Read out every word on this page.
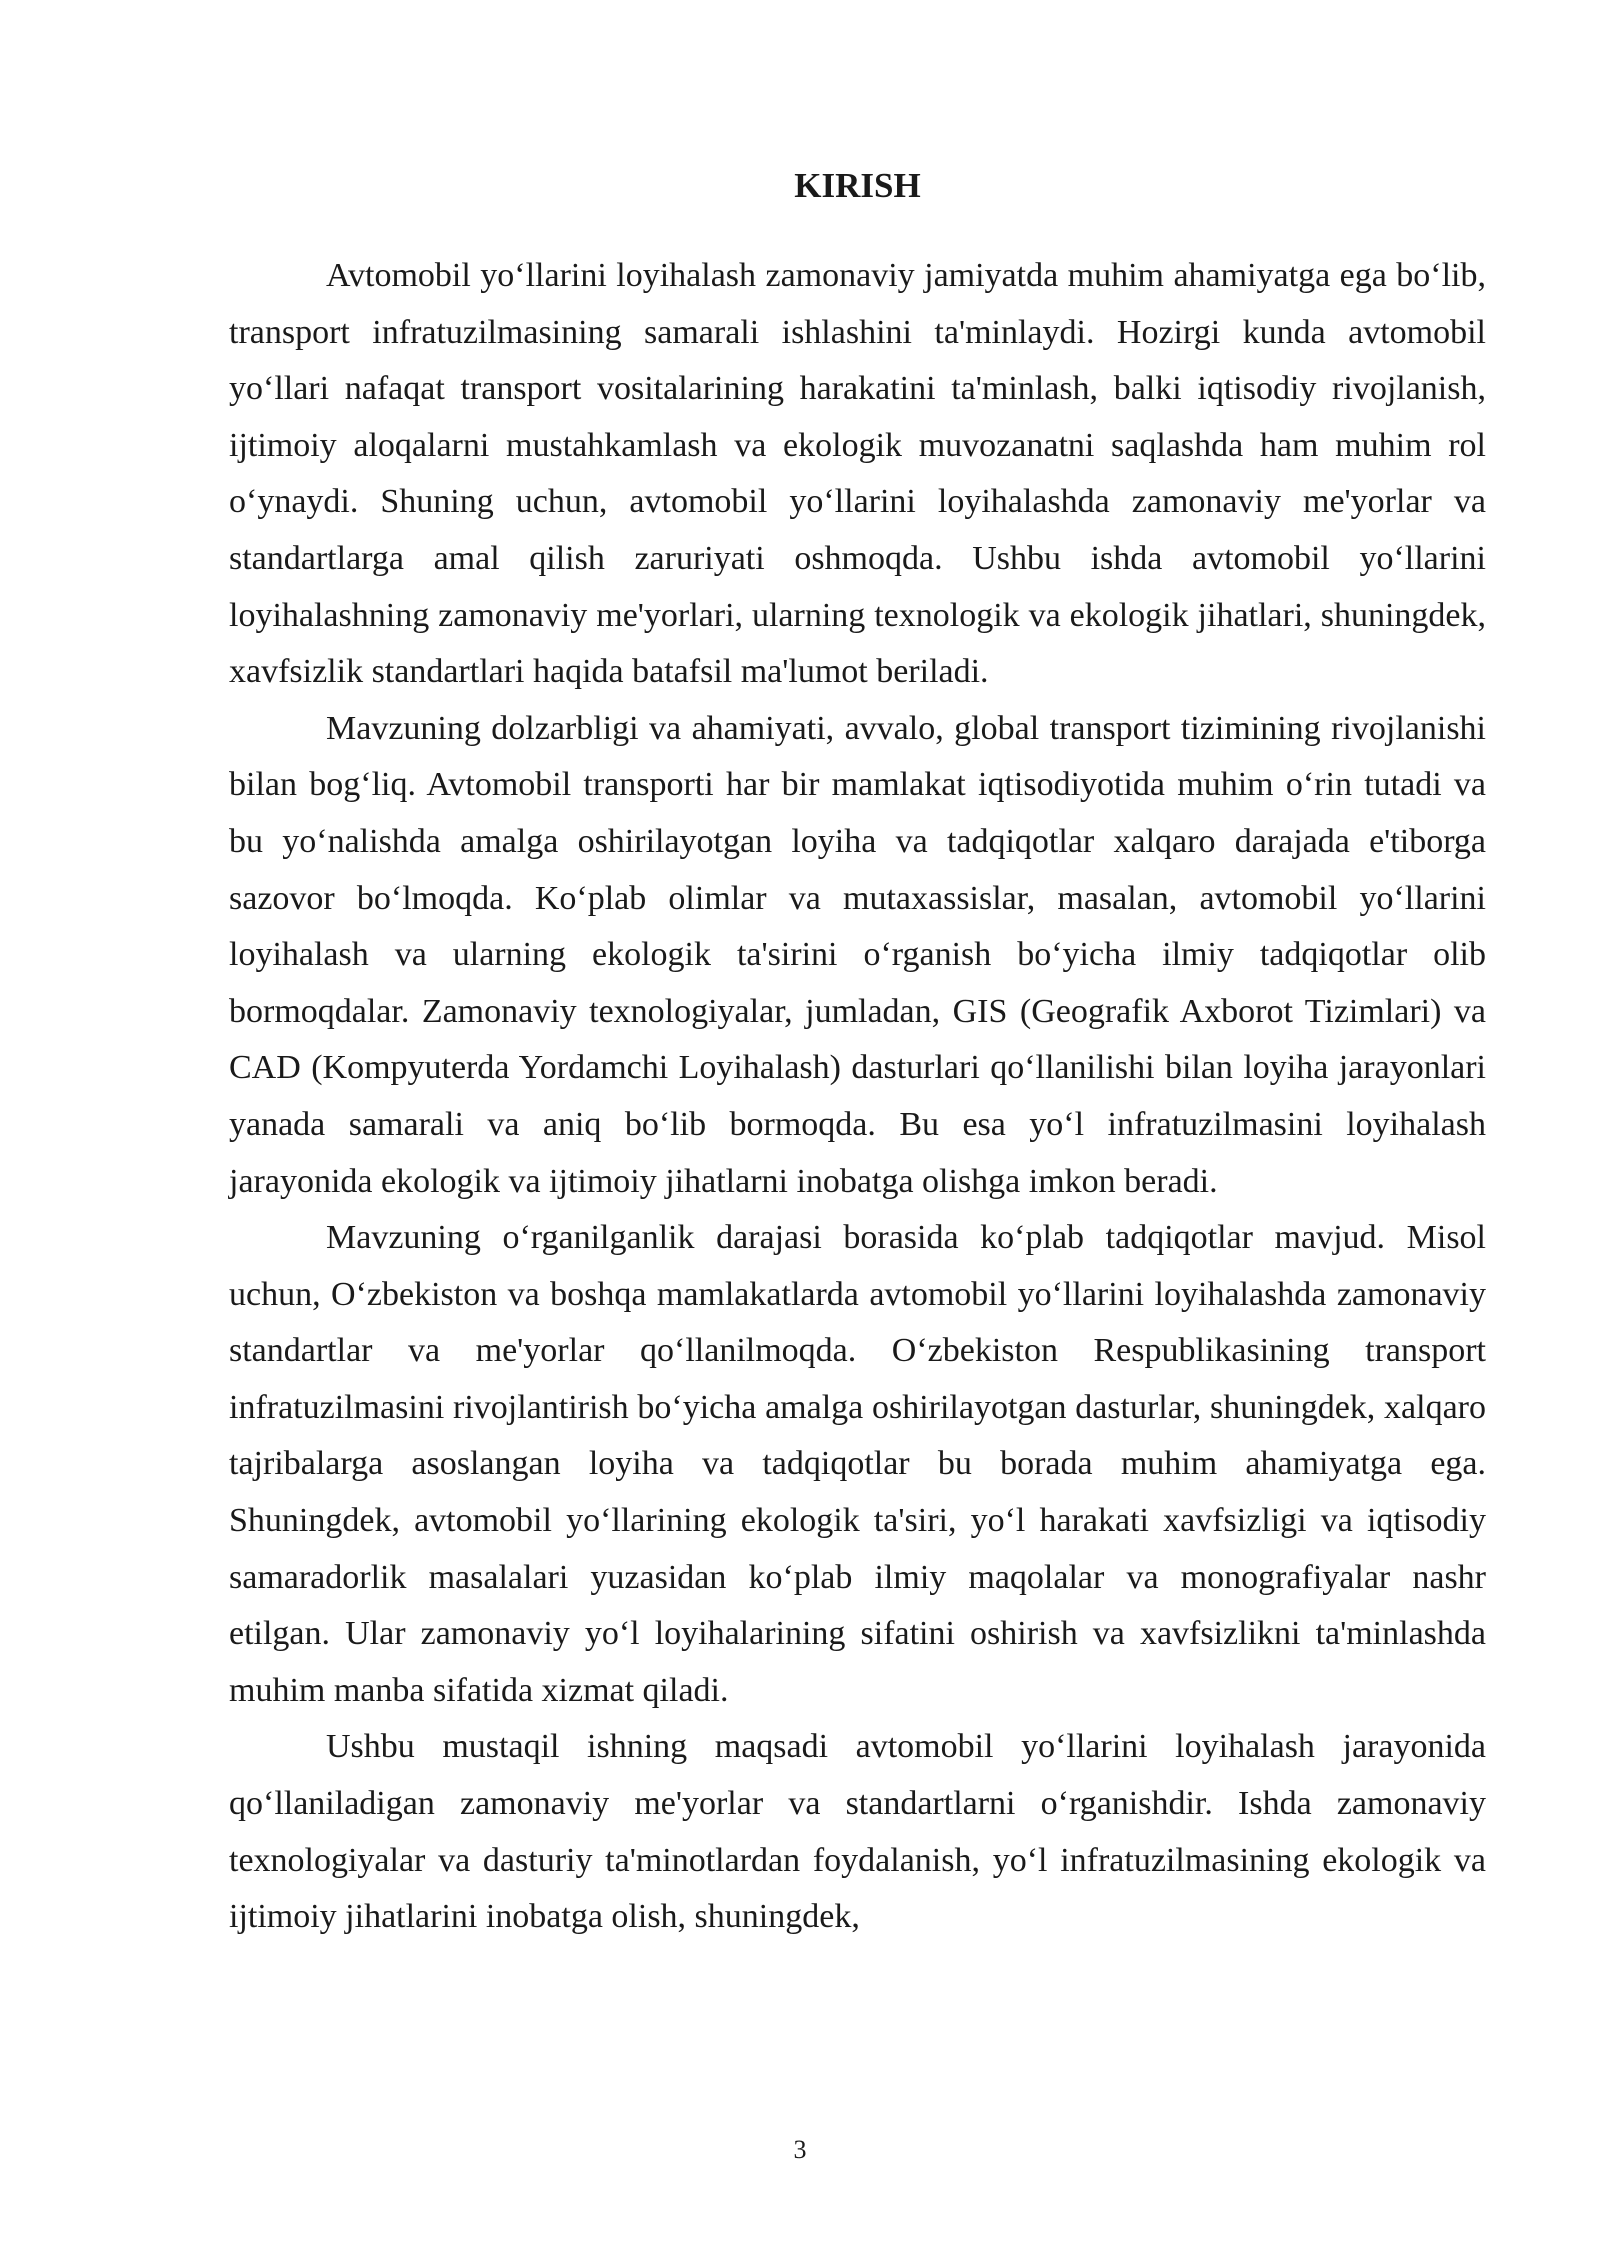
KIRISH

Avtomobil yo‘llarini loyihalash zamonaviy jamiyatda muhim ahamiyatga ega bo‘lib, transport infratuzilmasining samarali ishlashini ta'minlaydi. Hozirgi kunda avtomobil yo‘llari nafaqat transport vositalarining harakatini ta'minlash, balki iqtisodiy rivojlanish, ijtimoiy aloqalarni mustahkamlash va ekologik muvozanatni saqlashda ham muhim rol o‘ynaydi. Shuning uchun, avtomobil yo‘llarini loyihalashda zamonaviy me'yorlar va standartlarga amal qilish zaruriyati oshmoqda. Ushbu ishda avtomobil yo‘llarini loyihalashning zamonaviy me'yorlari, ularning texnologik va ekologik jihatlari, shuningdek, xavfsizlik standartlari haqida batafsil ma'lumot beriladi.

Mavzuning dolzarbligi va ahamiyati, avvalo, global transport tizimining rivojlanishi bilan bog‘liq. Avtomobil transporti har bir mamlakat iqtisodiyotida muhim o‘rin tutadi va bu yo‘nalishda amalga oshirilayotgan loyiha va tadqiqotlar xalqaro darajada e'tiborga sazovor bo‘lmoqda. Ko‘plab olimlar va mutaxassislar, masalan, avtomobil yo‘llarini loyihalash va ularning ekologik ta'sirini o‘rganish bo‘yicha ilmiy tadqiqotlar olib bormoqdalar. Zamonaviy texnologiyalar, jumladan, GIS (Geografik Axborot Tizimlari) va CAD (Kompyuterda Yordamchi Loyihalash) dasturlari qo‘llanilishi bilan loyiha jarayonlari yanada samarali va aniq bo‘lib bormoqda. Bu esa yo‘l infratuzilmasini loyihalash jarayonida ekologik va ijtimoiy jihatlarni inobatga olishga imkon beradi.

Mavzuning o‘rganilganlik darajasi borasida ko‘plab tadqiqotlar mavjud. Misol uchun, O‘zbekiston va boshqa mamlakatlarda avtomobil yo‘llarini loyihalashda zamonaviy standartlar va me'yorlar qo‘llanilmoqda. O‘zbekiston Respublikasining transport infratuzilmasini rivojlantirish bo‘yicha amalga oshirilayotgan dasturlar, shuningdek, xalqaro tajribalarga asoslangan loyiha va tadqiqotlar bu borada muhim ahamiyatga ega. Shuningdek, avtomobil yo‘llarining ekologik ta'siri, yo‘l harakati xavfsizligi va iqtisodiy samaradorlik masalalari yuzasidan ko‘plab ilmiy maqolalar va monografiyalar nashr etilgan. Ular zamonaviy yo‘l loyihalarining sifatini oshirish va xavfsizlikni ta'minlashda muhim manba sifatida xizmat qiladi.

Ushbu mustaqil ishning maqsadi avtomobil yo‘llarini loyihalash jarayonida qo‘llaniladigan zamonaviy me'yorlar va standartlarni o‘rganishdir. Ishda zamonaviy texnologiyalar va dasturiy ta'minotlardan foydalanish, yo‘l infratuzilmasining ekologik va ijtimoiy jihatlarini inobatga olish, shuningdek,

3
